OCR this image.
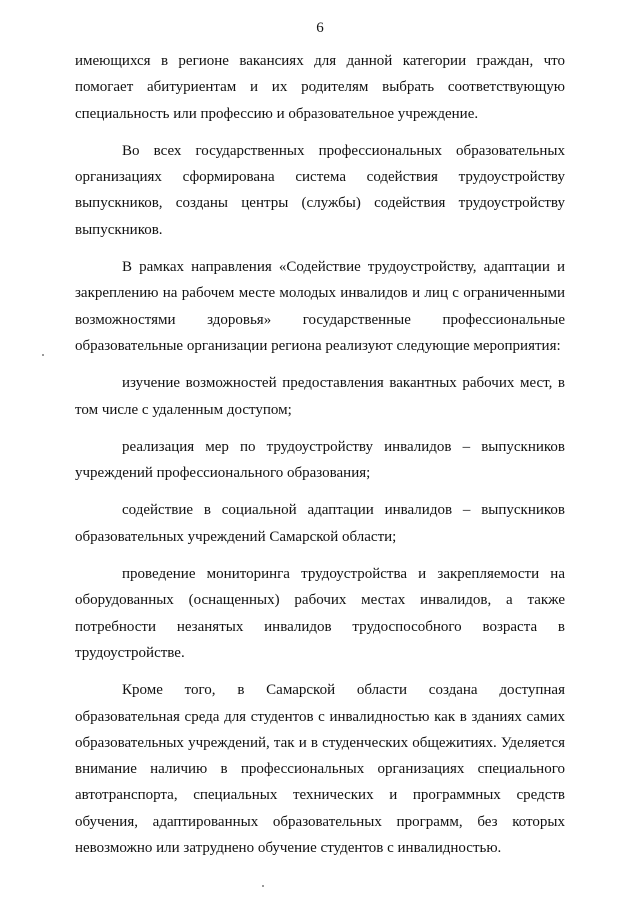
6

имеющихся в регионе вакансиях для данной категории граждан, что помогает абитуриентам и их родителям выбрать соответствующую специальность или профессию и образовательное учреждение.

Во всех государственных профессиональных образовательных организациях сформирована система содействия трудоустройству выпускников, созданы центры (службы) содействия трудоустройству выпускников.

В рамках направления «Содействие трудоустройству, адаптации и закреплению на рабочем месте молодых инвалидов и лиц с ограниченными возможностями здоровья» государственные профессиональные образовательные организации региона реализуют следующие мероприятия:

изучение возможностей предоставления вакантных рабочих мест, в том числе с удаленным доступом;

реализация мер по трудоустройству инвалидов – выпускников учреждений профессионального образования;

содействие в социальной адаптации инвалидов – выпускников образовательных учреждений Самарской области;

проведение мониторинга трудоустройства и закрепляемости на оборудованных (оснащенных) рабочих местах инвалидов, а также потребности незанятых инвалидов трудоспособного возраста в трудоустройстве.

Кроме того, в Самарской области создана доступная образовательная среда для студентов с инвалидностью как в зданиях самих образовательных учреждений, так и в студенческих общежитиях. Уделяется внимание наличию в профессиональных организациях специального автотранспорта, специальных технических и программных средств обучения, адаптированных образовательных программ, без которых невозможно или затруднено обучение студентов с инвалидностью.
